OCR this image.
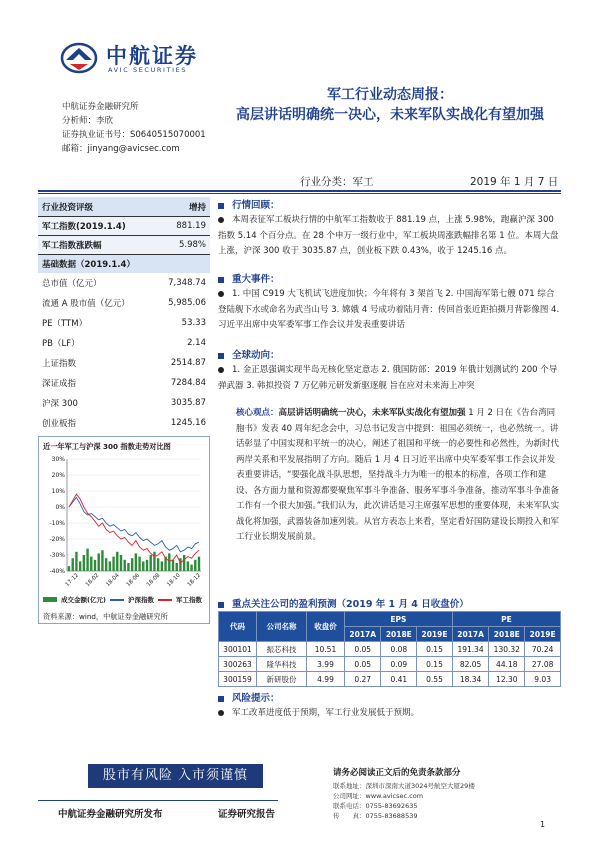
中航证券
AVIC SECURITIES
军工行业动态周报：
高层讲话明确统一决心，未来军队实战化有望加强
中航证券金融研究所
分析师：李欣
证券执业证书号：S0640515070001
邮箱：jinyang@avicsec.com
行业分类：军工	2019 年 1 月 7 日
行业投资评级	增持
军工指数(2019.1.4)	881.19
军工指数涨跌幅	5.98%
基础数据（2019.1.4）
总市值（亿元）	7,348.74
流通 A 股市值（亿元）	5,985.06
PE（TTM）	53.33
PB（LF）	2.14
上证指数	2514.87
深证成指	7284.84
沪深 300	3035.87
创业板指	1245.16
近一年军工与沪深 300 指数走势对比图
30%
20%
10%
0%
-10%
-20%
-30%
-40%
17-12 18-02 18-04 18-06 18-08 18-10 18-12
成交金额(亿元)	沪深指数	军工指数
资料来源：wind，中航证券金融研究所
行情回顾：
本周表征军工板块行情的中航军工指数收于 881.19 点，上涨 5.98%，跑赢沪深 300 指数 5.14 个百分点。在 28 个申万一级行业中，军工板块周涨跌幅排名第 1 位。本周大盘上涨，沪深 300 收于 3035.87 点，创业板下跌 0.43%，收于 1245.16 点。
重大事件：
1. 中国 C919 大飞机试飞进度加快；今年将有 3 架首飞 2. 中国海军第七艘 071 综合登陆舰下水或命名为武当山号 3. 嫦娥 4 号成功着陆月背：传回首张近距拍摄月背影像图 4. 习近平出席中央军委军事工作会议并发表重要讲话
全球动向：
1. 金正恩强调实现半岛无核化坚定意志 2. 俄国防部：2019 年俄计划测试约 200 个导弹武器 3. 韩拟投资 7 万亿韩元研发新驱逐舰 旨在应对未来海上冲突
核心观点：高层讲话明确统一决心，未来军队实战化有望加强 1 月 2 日在《告台湾同胞书》发表 40 周年纪念会中，习总书记发言中提到：祖国必须统一，也必然统一。讲话彰显了中国实现和平统一的决心，阐述了祖国和平统一的必要性和必然性，为新时代两岸关系和平发展指明了方向。随后 1 月 4 日习近平出席中央军委军事工作会议并发表重要讲话，“要强化战斗队思想，坚持战斗力为唯一的根本的标准，各项工作和建设、各方面力量和资源都要聚焦军事斗争准备、服务军事斗争准备，推动军事斗争准备工作有一个很大加强。”我们认为，此次讲话是习主席强军思想的重要体现，未来军队实战化将加强，武器装备加速列装。从官方表态上来看，坚定看好国防建设长期投入和军工行业长期发展前景。
重点关注公司的盈利预测（2019 年 1 月 4 日收盘价）
代码	公司名称	收盘价	EPS			PE		
			2017A	2018E	2019E	2017A	2018E	2019E
300101	振芯科技	10.51	0.05	0.08	0.15	191.34	130.32	70.24
300263	隆华科技	3.99	0.05	0.09	0.15	82.05	44.18	27.08
300159	新研股份	4.99	0.27	0.41	0.55	18.34	12.30	9.03
风险提示：
军工改革进度低于预期，军工行业发展低于预期。
股市有风险 入市须谨慎	请务必阅读正文后的免责条款部分
联系地址：深圳市深南大道3024号航空大厦29楼
公司网址：www.avicsec.com
联系电话：0755-83692635
传　　真：0755-83688539
中航证券金融研究所发布	证券研究报告
1
